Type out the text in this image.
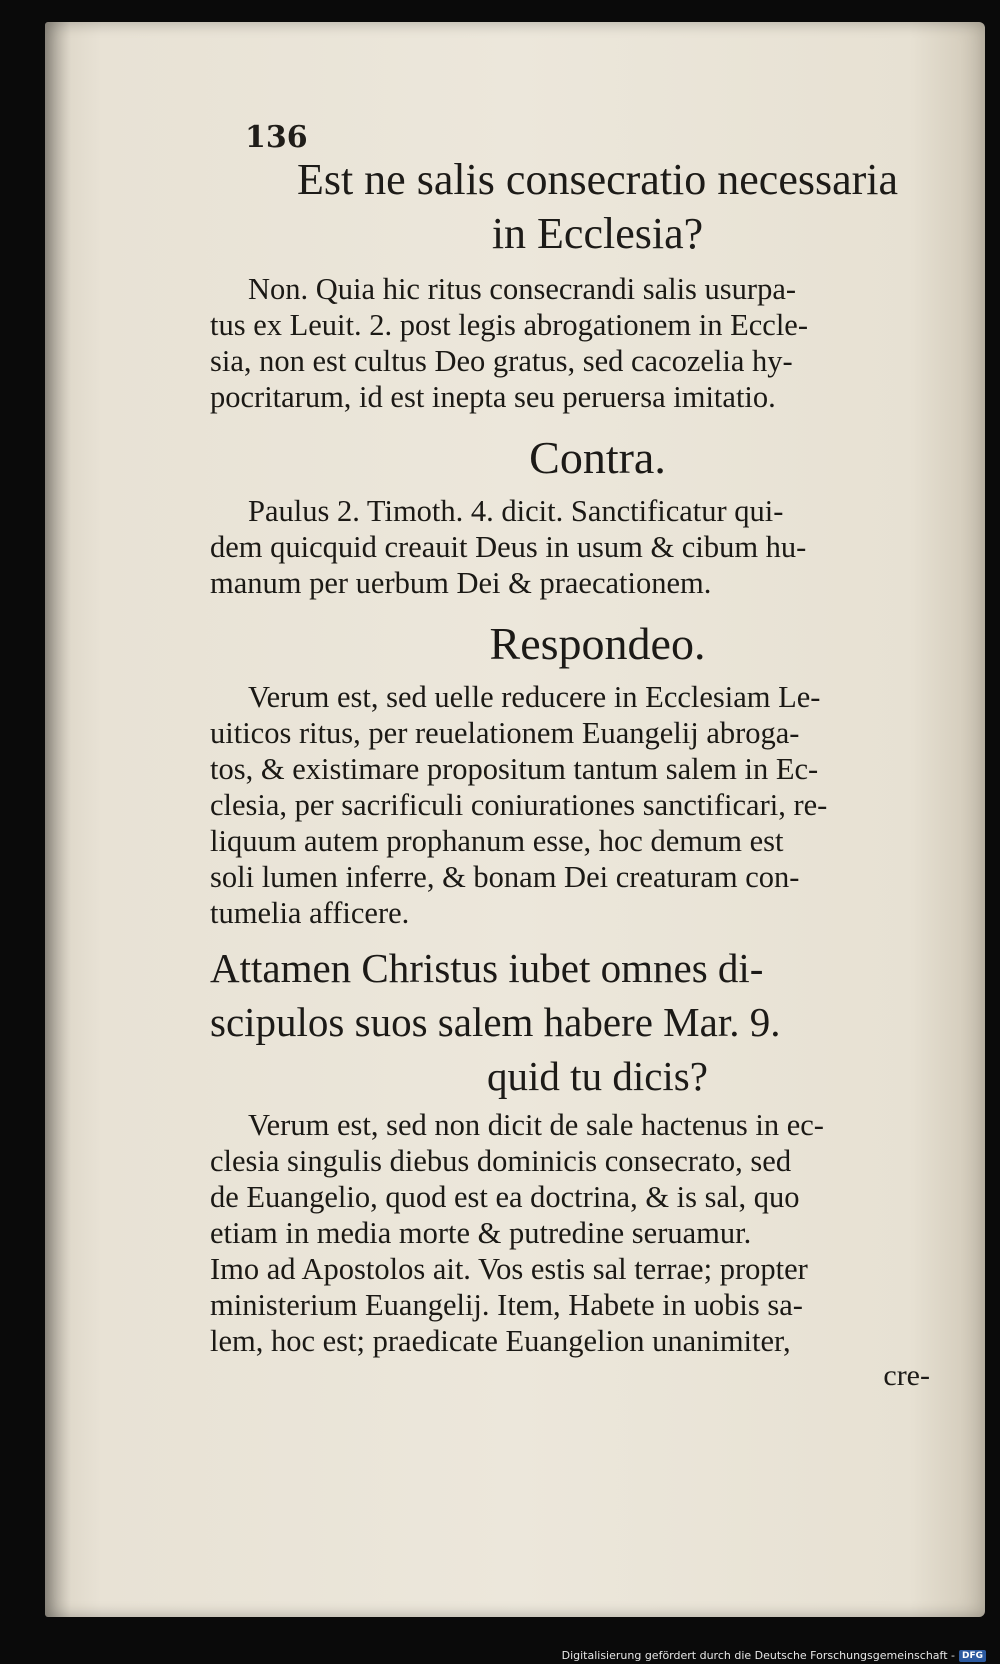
136

Est ne salis consecratio necessaria

in Ecclesia?

Non. Quia hic ritus consecrandi salis usurpa-
tus ex Leuit. 2. post legis abrogationem in Eccle-
sia, non est cultus Deo gratus, sed cacozelia hy-
pocritarum, id est inepta seu peruersa imitatio.

Contra.

Paulus 2. Timoth. 4. dicit. Sanctificatur qui-
dem quicquid creauit Deus in usum & cibum hu-
manum per uerbum Dei & praecationem.

Respondeo.

Verum est, sed uelle reducere in Ecclesiam Le-
uiticos ritus, per reuelationem Euangelij abroga-
tos, & existimare propositum tantum salem in Ec-
clesia, per sacrificuli coniurationes sanctificari, re-
liquum autem prophanum esse, hoc demum est
soli lumen inferre, & bonam Dei creaturam con-
tumelia afficere.
Attamen Christus iubet omnes di-
scipulos suos salem habere Mar. 9.
quid tu dicis?
Verum est, sed non dicit de sale hactenus in ec-
clesia singulis diebus dominicis consecrato, sed
de Euangelio, quod est ea doctrina, & is sal, quo
etiam in media morte & putredine seruamur.
Imo ad Apostolos ait. Vos estis sal terrae; propter
ministerium Euangelij. Item, Habete in uobis sa-
lem, hoc est; praedicate Euangelion unanimiter,
cre-
Digitalisierung gefördert durch die Deutsche Forschungsgemeinschaft - DFG
